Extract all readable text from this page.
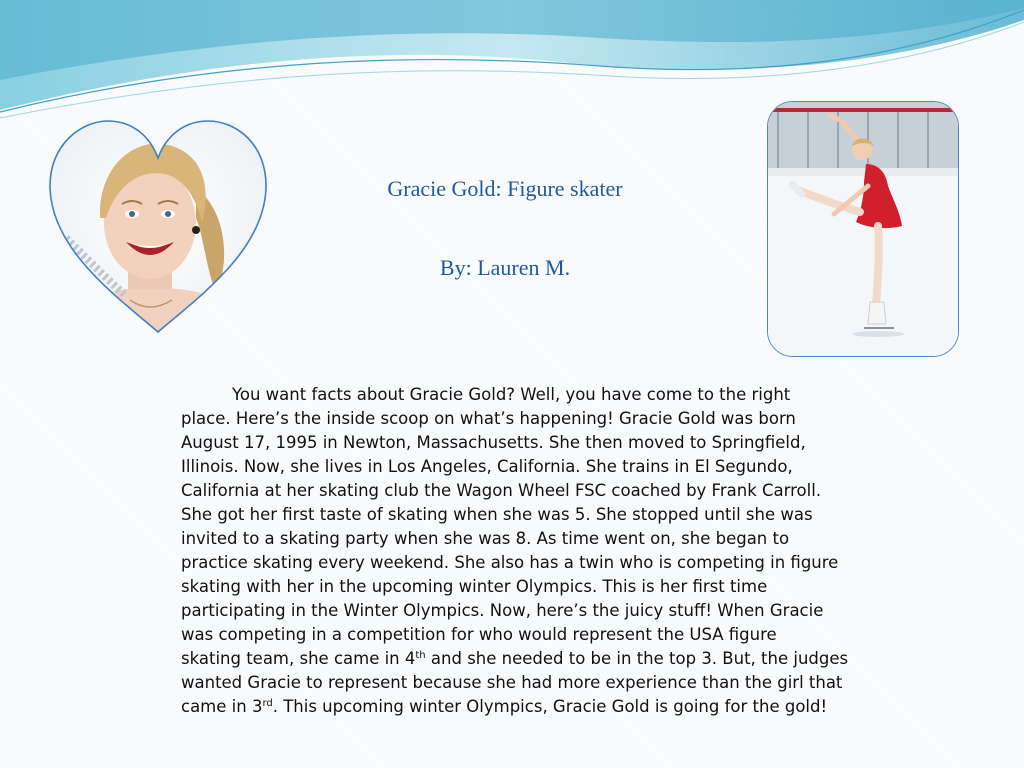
Gracie Gold: Figure skater
By: Lauren M.
You want facts about Gracie Gold? Well, you have come to the right
place. Here’s the inside scoop on what’s happening! Gracie Gold was born
August 17, 1995 in Newton, Massachusetts. She then moved to Springfield,
Illinois. Now, she lives in Los Angeles, California. She trains in El Segundo,
California at her skating club the Wagon Wheel FSC coached by Frank Carroll.
She got her first taste of skating when she was 5. She stopped until she was
invited to a skating party when she was 8. As time went on, she began to
practice skating every weekend. She also has a twin who is competing in figure
skating with her in the upcoming winter Olympics. This is her first time
participating in the Winter Olympics. Now, here’s the juicy stuff! When Gracie
was competing in a competition for who would represent the USA figure
skating team, she came in 4th and she needed to be in the top 3. But, the judges
wanted Gracie to represent because she had more experience than the girl that
came in 3rd. This upcoming winter Olympics, Gracie Gold is going for the gold!
